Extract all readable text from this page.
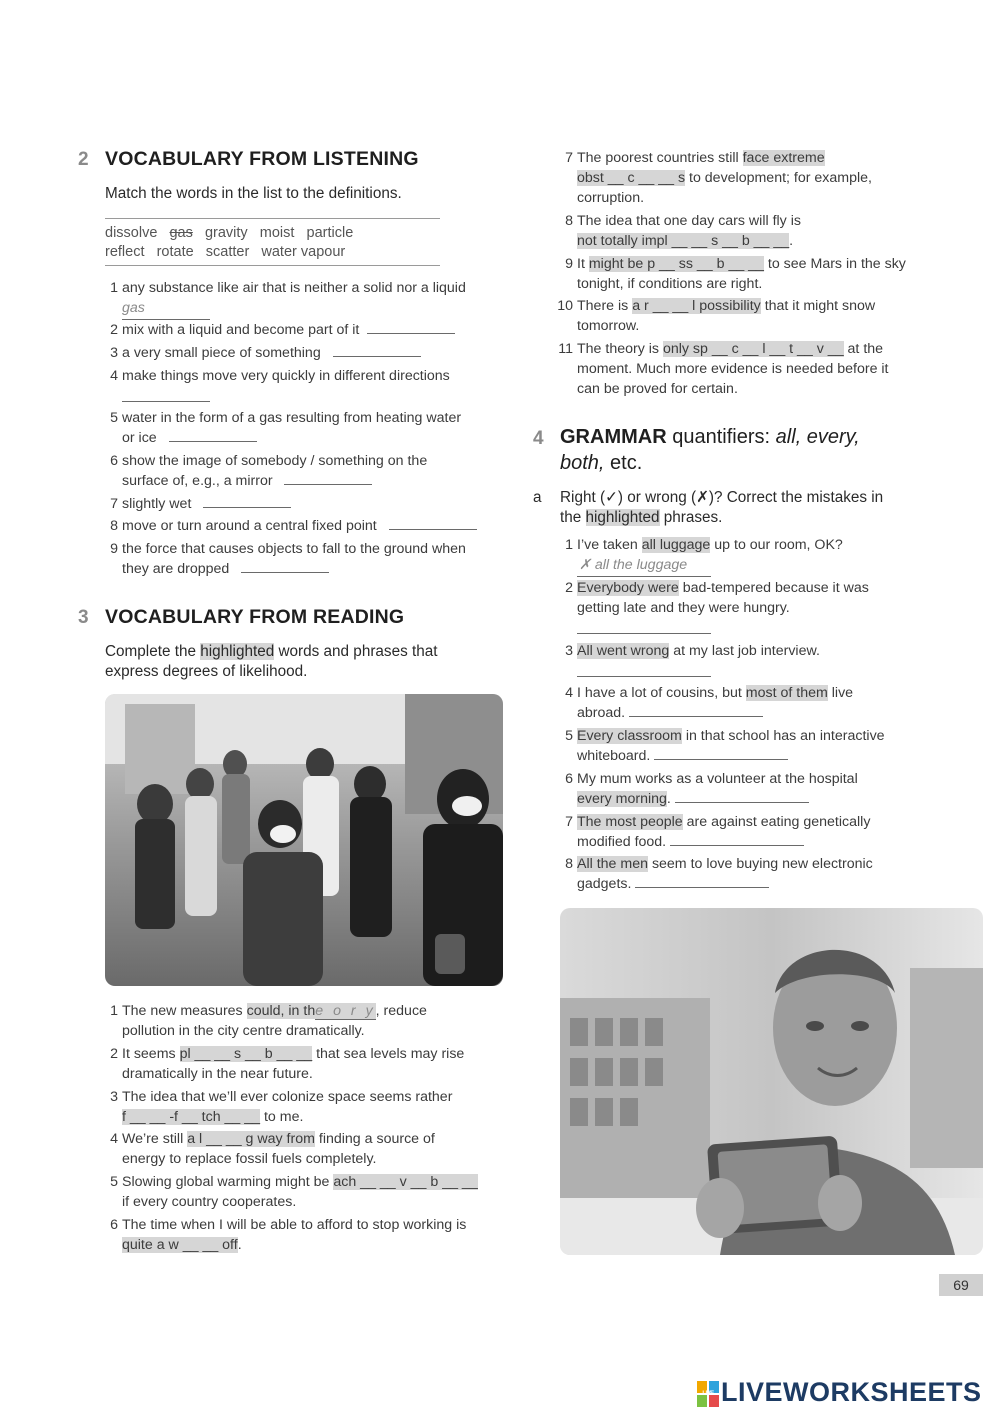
2 VOCABULARY FROM LISTENING
Match the words in the list to the definitions.
dissolve gas gravity moist particle
reflect rotate scatter water vapour
1 any substance like air that is neither a solid nor a liquid
gas
2 mix with a liquid and become part of it
3 a very small piece of something
4 make things move very quickly in different directions
5 water in the form of a gas resulting from heating water
or ice
6 show the image of somebody / something on the
surface of, e.g., a mirror
7 slightly wet
8 move or turn around a central fixed point
9 the force that causes objects to fall to the ground when
they are dropped
3 VOCABULARY FROM READING
Complete the highlighted words and phrases that
express degrees of likelihood.
1 The new measures could, in the o r y, reduce
pollution in the city centre dramatically.
2 It seems pl __ __ s __ b __ __ that sea levels may rise
dramatically in the near future.
3 The idea that we’ll ever colonize space seems rather
f __ __ -f __ tch __ __ to me.
4 We’re still a l __ __ g way from finding a source of
energy to replace fossil fuels completely.
5 Slowing global warming might be ach __ __ v __ b __ __
if every country cooperates.
6 The time when I will be able to afford to stop working is
quite a w __ __ off.
7 The poorest countries still face extreme
obst __ c __ __ s to development; for example,
corruption.
8 The idea that one day cars will fly is
not totally impl __ __ s __ b __ __.
9 It might be p __ ss __ b __ __ to see Mars in the sky
tonight, if conditions are right.
10 There is a r __ __ l possibility that it might snow
tomorrow.
11 The theory is only sp __ c __ l __ t __ v __ at the
moment. Much more evidence is needed before it
can be proved for certain.
4 GRAMMAR quantifiers: all, every,
both, etc.
a Right (✓) or wrong (✗)? Correct the mistakes in
the highlighted phrases.
1 I’ve taken all luggage up to our room, OK?
✗ all the luggage
2 Everybody were bad-tempered because it was
getting late and they were hungry.
3 All went wrong at my last job interview.
4 I have a lot of cousins, but most of them live
abroad.
5 Every classroom in that school has an interactive
whiteboard.
6 My mum works as a volunteer at the hospital
every morning.
7 The most people are against eating genetically
modified food.
8 All the men seem to love buying new electronic
gadgets.
69
LIVE LIVEWORKSHEETS
